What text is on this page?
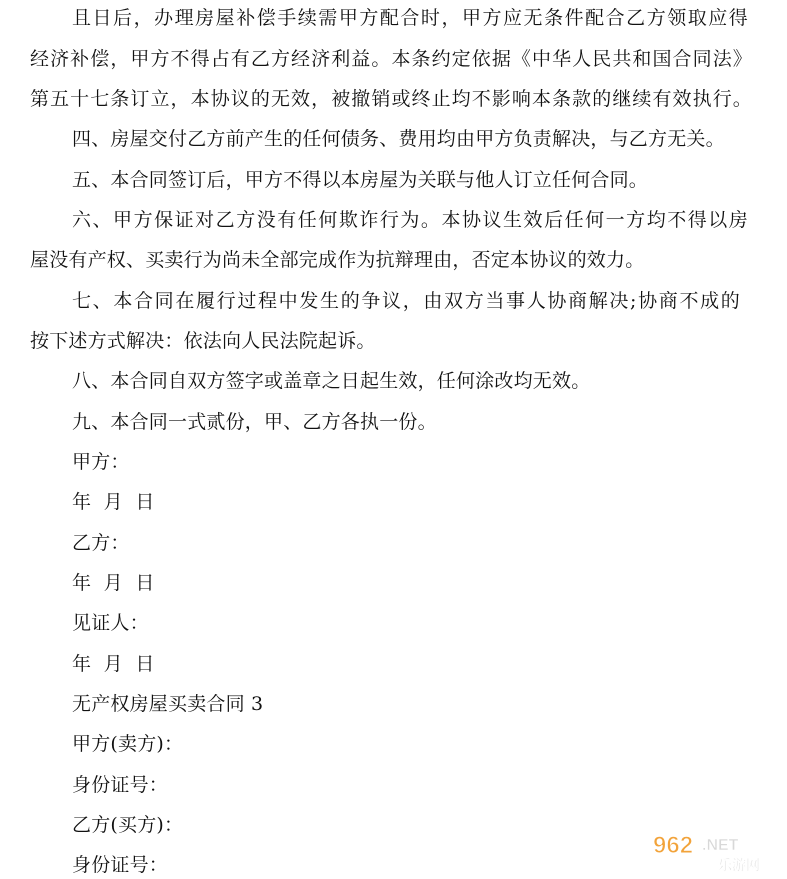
且日后，办理房屋补偿手续需甲方配合时，甲方应无条件配合乙方领取应得
经济补偿，甲方不得占有乙方经济利益。本条约定依据《中华人民共和国合同法》
第五十七条订立，本协议的无效，被撤销或终止均不影响本条款的继续有效执行。
四、房屋交付乙方前产生的任何债务、费用均由甲方负责解决，与乙方无关。
五、本合同签订后，甲方不得以本房屋为关联与他人订立任何合同。
六、甲方保证对乙方没有任何欺诈行为。本协议生效后任何一方均不得以房
屋没有产权、买卖行为尚未全部完成作为抗辩理由，否定本协议的效力。
七、本合同在履行过程中发生的争议，由双方当事人协商解决;协商不成的
按下述方式解决：依法向人民法院起诉。
八、本合同自双方签字或盖章之日起生效，任何涂改均无效。
九、本合同一式贰份，甲、乙方各执一份。
甲方：
年  月  日
乙方：
年  月  日
见证人：
年  月  日
无产权房屋买卖合同 3
甲方(卖方)：
身份证号：
乙方(买方)：
身份证号：
962 .NET
乐游网
